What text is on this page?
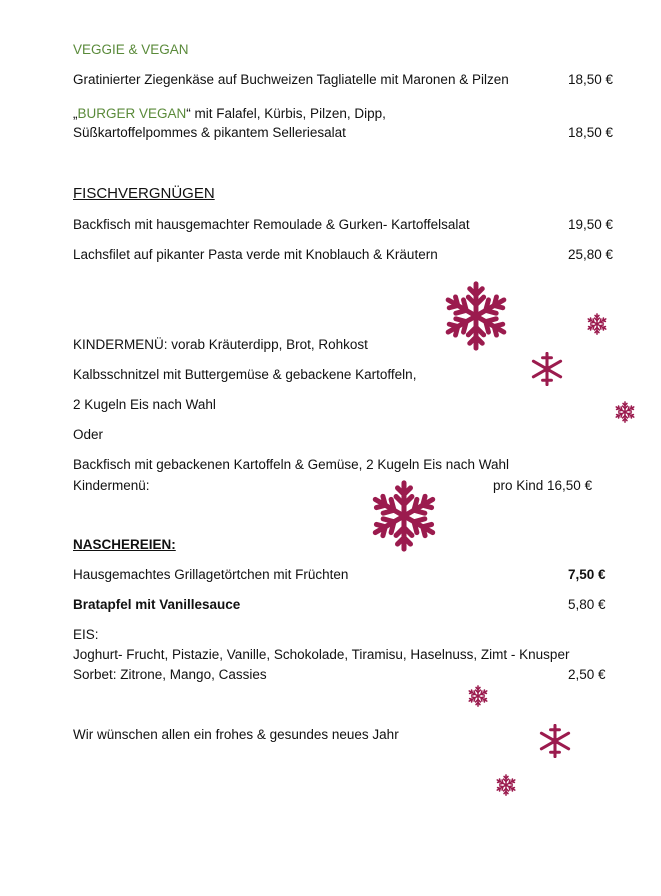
VEGGIE & VEGAN
Gratinierter Ziegenkäse auf Buchweizen Tagliatelle mit Maronen & Pilzen	18,50 €
„BURGER VEGAN“ mit Falafel, Kürbis, Pilzen, Dipp,
Süßkartoffelpommes & pikantem Selleriesalat	18,50 €
FISCHVERGNÜGEN
Backfisch mit hausgemachter Remoulade & Gurken- Kartoffelsalat	19,50 €
Lachsfilet auf pikanter Pasta verde mit Knoblauch & Kräutern	25,80 €
KINDERMENÜ: vorab Kräuterdipp, Brot, Rohkost
Kalbsschnitzel mit Buttergemüse & gebackene Kartoffeln,
2 Kugeln Eis nach Wahl
Oder
Backfisch mit gebackenen Kartoffeln & Gemüse, 2 Kugeln Eis nach Wahl
Kindermenü:	pro Kind 16,50 €
NASCHEREIEN:
Hausgemachtes Grillagetörtchen mit Früchten	7,50 €
Bratapfel mit Vanillesauce	5,80 €
EIS:
Joghurt- Frucht, Pistazie, Vanille, Schokolade, Tiramisu, Haselnuss, Zimt - Knusper
Sorbet: Zitrone, Mango, Cassies	2,50 €
Wir wünschen allen ein frohes & gesundes neues Jahr
